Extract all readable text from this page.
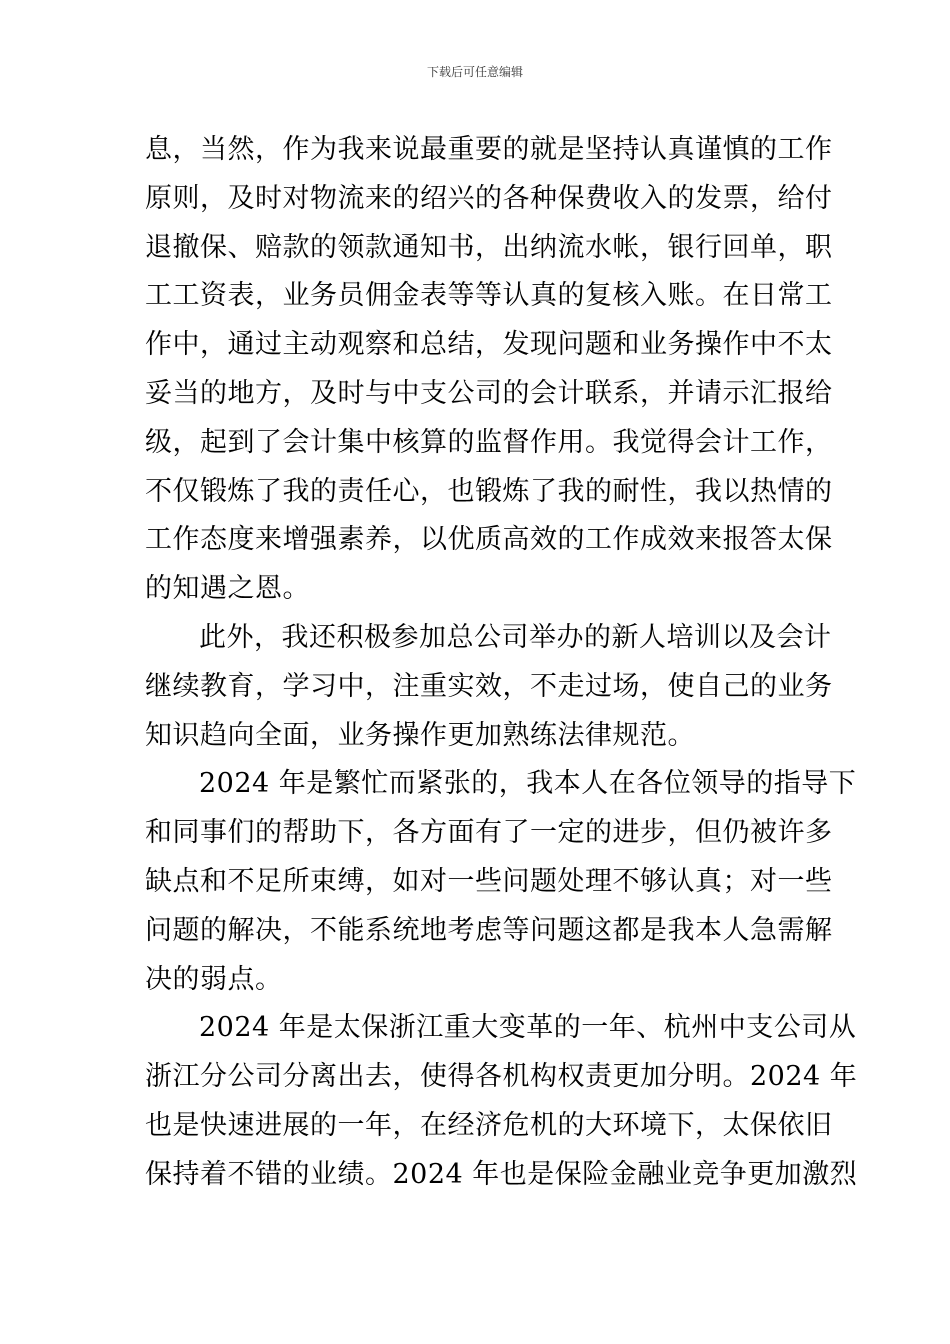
下载后可任意编辑
息，当然，作为我来说最重要的就是坚持认真谨慎的工作
原则，及时对物流来的绍兴的各种保费收入的发票，给付
退撤保、赔款的领款通知书，出纳流水帐，银行回单，职
工工资表，业务员佣金表等等认真的复核入账。在日常工
作中，通过主动观察和总结，发现问题和业务操作中不太
妥当的地方，及时与中支公司的会计联系，并请示汇报给
级，起到了会计集中核算的监督作用。我觉得会计工作，
不仅锻炼了我的责任心，也锻炼了我的耐性，我以热情的
工作态度来增强素养，以优质高效的工作成效来报答太保
的知遇之恩。
此外，我还积极参加总公司举办的新人培训以及会计
继续教育，学习中，注重实效，不走过场，使自己的业务
知识趋向全面，业务操作更加熟练法律规范。
2024 年是繁忙而紧张的，我本人在各位领导的指导下
和同事们的帮助下，各方面有了一定的进步，但仍被许多
缺点和不足所束缚，如对一些问题处理不够认真；对一些
问题的解决，不能系统地考虑等问题这都是我本人急需解
决的弱点。
2024 年是太保浙江重大变革的一年、杭州中支公司从
浙江分公司分离出去，使得各机构权责更加分明。2024 年
也是快速进展的一年，在经济危机的大环境下，太保依旧
保持着不错的业绩。2024 年也是保险金融业竞争更加激烈
